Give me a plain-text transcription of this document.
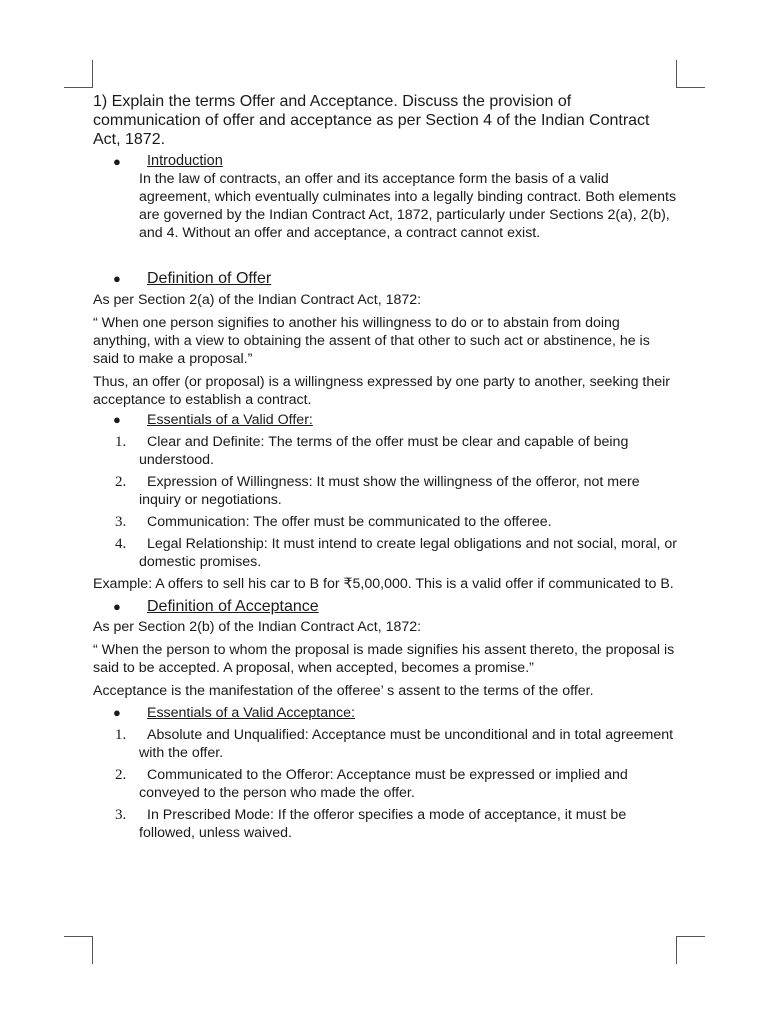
1) Explain the terms Offer and Acceptance. Discuss the provision of communication of offer and acceptance as per Section 4 of the Indian Contract Act, 1872.
● Introduction
In the law of contracts, an offer and its acceptance form the basis of a valid agreement, which eventually culminates into a legally binding contract. Both elements are governed by the Indian Contract Act, 1872, particularly under Sections 2(a), 2(b), and 4. Without an offer and acceptance, a contract cannot exist.
● Definition of Offer
As per Section 2(a) of the Indian Contract Act, 1872:
“ When one person signifies to another his willingness to do or to abstain from doing anything, with a view to obtaining the assent of that other to such act or abstinence, he is said to make a proposal.”
Thus, an offer (or proposal) is a willingness expressed by one party to another, seeking their acceptance to establish a contract.
● Essentials of a Valid Offer:
1.	Clear and Definite: The terms of the offer must be clear and capable of being understood.
2.	Expression of Willingness: It must show the willingness of the offeror, not mere inquiry or negotiations.
3.	Communication: The offer must be communicated to the offeree.
4.	Legal Relationship: It must intend to create legal obligations and not social, moral, or domestic promises.
Example: A offers to sell his car to B for ₹5,00,000. This is a valid offer if communicated to B.
● Definition of Acceptance
As per Section 2(b) of the Indian Contract Act, 1872:
“ When the person to whom the proposal is made signifies his assent thereto, the proposal is said to be accepted. A proposal, when accepted, becomes a promise.”
Acceptance is the manifestation of the offeree’ s assent to the terms of the offer.
● Essentials of a Valid Acceptance:
1.	Absolute and Unqualified: Acceptance must be unconditional and in total agreement with the offer.
2.	Communicated to the Offeror: Acceptance must be expressed or implied and conveyed to the person who made the offer.
3.	In Prescribed Mode: If the offeror specifies a mode of acceptance, it must be followed, unless waived.
